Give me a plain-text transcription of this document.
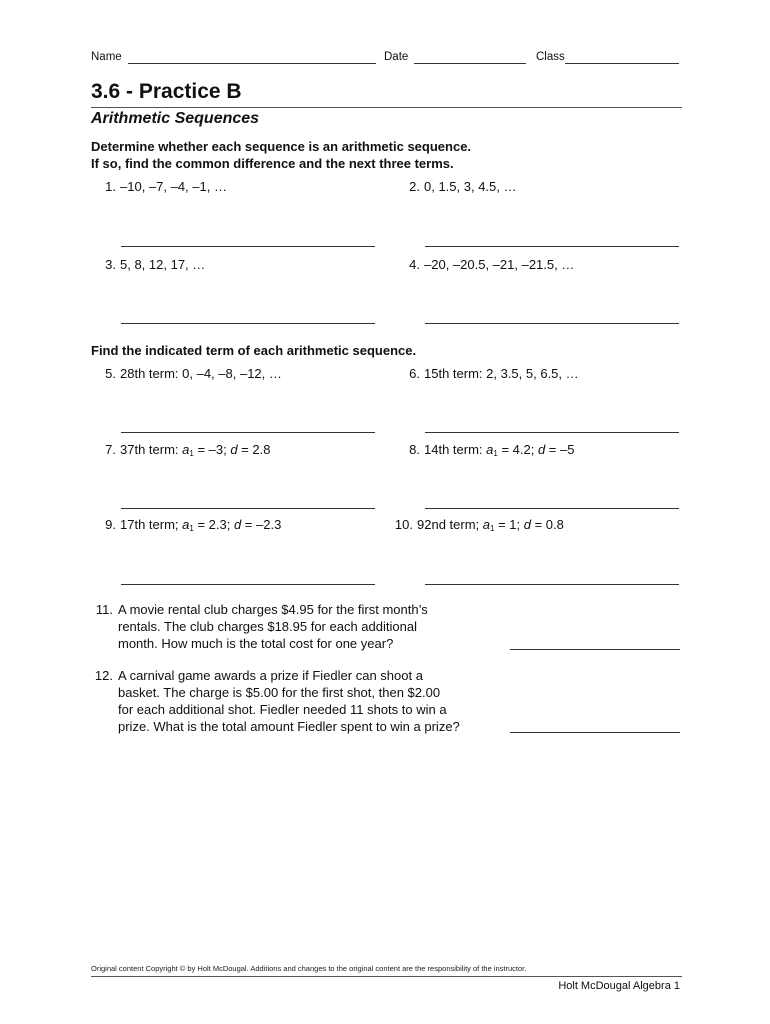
Name	Date	Class
3.6 - Practice B
Arithmetic Sequences
Determine whether each sequence is an arithmetic sequence.
If so, find the common difference and the next three terms.
1. –10, –7, –4, –1, …	2. 0, 1.5, 3, 4.5, …
3. 5, 8, 12, 17, …	4. –20, –20.5, –21, –21.5, …
Find the indicated term of each arithmetic sequence.
5. 28th term: 0, –4, –8, –12, …	6. 15th term: 2, 3.5, 5, 6.5, …
7. 37th term: $a_1 = -3$; d = 2.8	8. 14th term: $a_1 = 4.2$; d = –5
9. 17th term; $a_1 = 2.3$; d = –2.3	10. 92nd term; $a_1 = 1$; d = 0.8
11. A movie rental club charges $4.95 for the first month’s
rentals. The club charges $18.95 for each additional
month. How much is the total cost for one year?
12. A carnival game awards a prize if Fiedler can shoot a
basket. The charge is $5.00 for the first shot, then $2.00
for each additional shot. Fiedler needed 11 shots to win a
prize. What is the total amount Fiedler spent to win a prize?
Original content Copyright © by Holt McDougal. Additions and changes to the original content are the responsibility of the instructor.
Holt McDougal Algebra 1
